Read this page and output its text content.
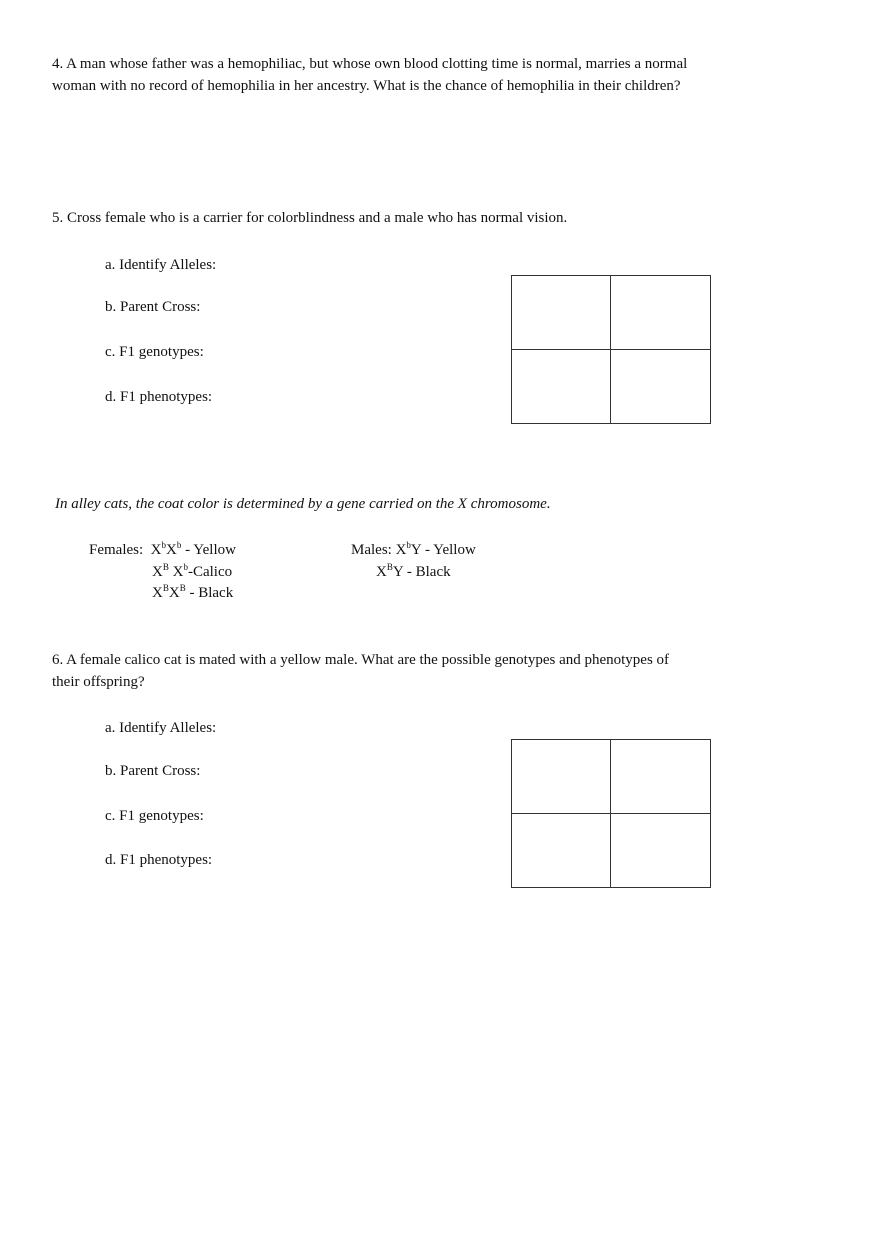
4. A man whose father was a hemophiliac, but whose own blood clotting time is normal, marries a normal
woman with no record of hemophilia in her ancestry. What is the chance of hemophilia in their children?
5. Cross female who is a carrier for colorblindness and a male who has normal vision.
a. Identify Alleles:
b. Parent Cross:
c. F1 genotypes:
d. F1 phenotypes:
In alley cats, the coat color is determined by a gene carried on the X chromosome.
Females: $X^bX^b$ - Yellow
$X^B$ $X^b$-Calico
$X^BX^B$ - Black
Males: $X^bY$ - Yellow
$X^BY$ - Black
6. A female calico cat is mated with a yellow male. What are the possible genotypes and phenotypes of
their offspring?
a. Identify Alleles:
b. Parent Cross:
c. F1 genotypes:
d. F1 phenotypes:
